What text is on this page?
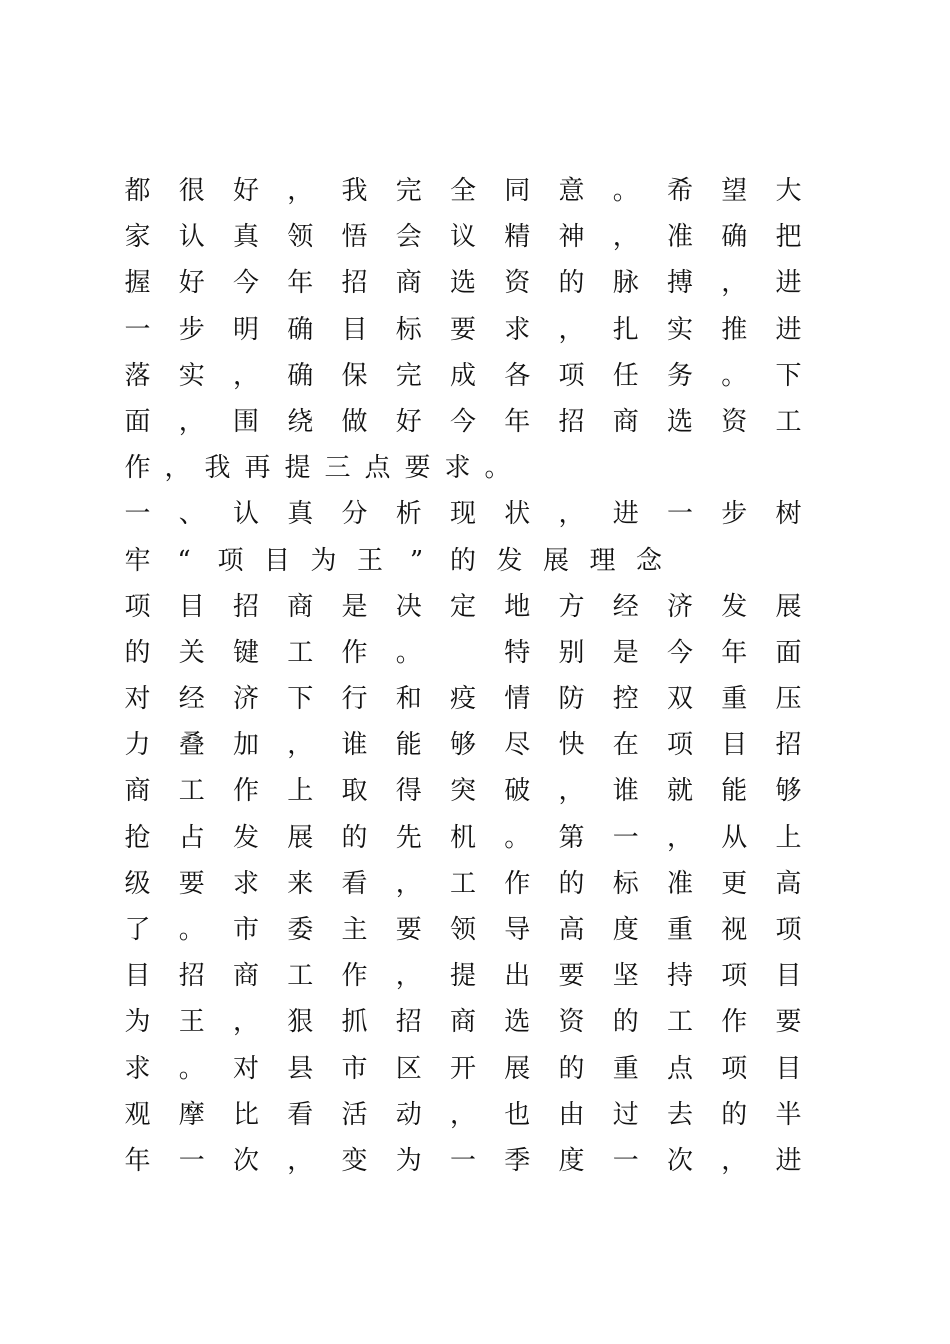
都 很 好 ， 我 完 全 同 意 。 希 望 大
家 认 真 领 悟 会 议 精 神 ， 准 确 把
握 好 今 年 招 商 选 资 的 脉 搏 ， 进
一 步 明 确 目 标 要 求 ， 扎 实 推 进
落 实 ， 确 保 完 成 各 项 任 务 。 下
面 ， 围 绕 做 好 今 年 招 商 选 资 工
作 ， 我 再 提 三 点 要 求 。
一 、 认 真 分 析 现 状 ， 进 一 步 树
牢 “ 项 目 为 王 ” 的 发 展 理 念
项 目 招 商 是 决 定 地 方 经 济 发 展
的 关 键 工 作 。
	特 别 是 今 年 面
对 经 济 下 行 和 疫 情 防 控 双 重 压
力 叠 加 ， 谁 能 够 尽 快 在 项 目 招
商 工 作 上 取 得 突 破 ， 谁 就 能 够
抢 占 发 展 的 先 机 。 第 一 ， 从 上
级 要 求 来 看 ， 工 作 的 标 准 更 高
了 。 市 委 主 要 领 导 高 度 重 视 项
目 招 商 工 作 ， 提 出 要 坚 持 项 目
为 王 ， 狠 抓 招 商 选 资 的 工 作 要
求 。 对 县 市 区 开 展 的 重 点 项 目
观 摩 比 看 活 动 ， 也 由 过 去 的 半
年 一 次 ， 变 为 一 季 度 一 次 ， 进
